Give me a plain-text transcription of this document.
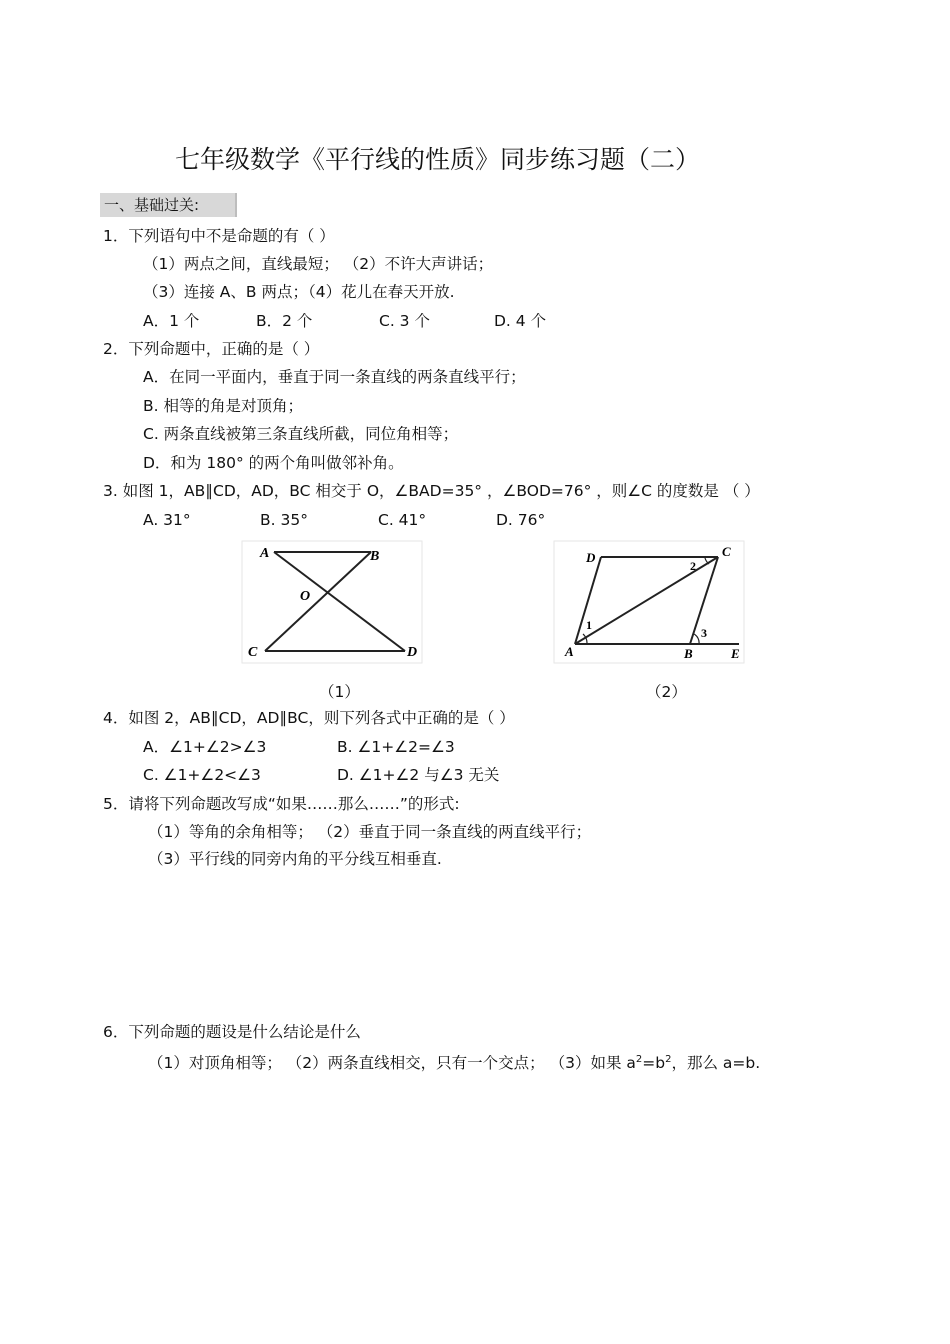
七年级数学《平行线的性质》同步练习题（二）
一、基础过关:
1．下列语句中不是命题的有（ ）
（1）两点之间，直线最短； （2）不许大声讲话；
（3）连接 A、B 两点；（4）花儿在春天开放.
A．1 个	B．2 个	C. 3 个	D. 4 个
2．下列命题中，正确的是（ ）
A．在同一平面内，垂直于同一条直线的两条直线平行；
B. 相等的角是对顶角；
C. 两条直线被第三条直线所截，同位角相等；
D．和为 180° 的两个角叫做邻补角。
3. 如图 1，AB∥CD，AD，BC 相交于 O，∠BAD=35° ，∠BOD=76° ，则∠C 的度数是 （ ）
A. 31°	B. 35°	C. 41°	D. 76°
A	B
O
C	D
D	C
A	B	E
1
2
3
（1）	（2）
4．如图 2，AB∥CD，AD∥BC，则下列各式中正确的是（ ）
A．∠1+∠2>∠3	B. ∠1+∠2=∠3
C. ∠1+∠2<∠3	D. ∠1+∠2 与∠3 无关
5．请将下列命题改写成“如果……那么……”的形式:
（1）等角的余角相等； （2）垂直于同一条直线的两直线平行；
（3）平行线的同旁内角的平分线互相垂直.
6．下列命题的题设是什么结论是什么
（1）对顶角相等； （2）两条直线相交，只有一个交点； （3）如果 $a^2=b^2$，那么 a=b.
